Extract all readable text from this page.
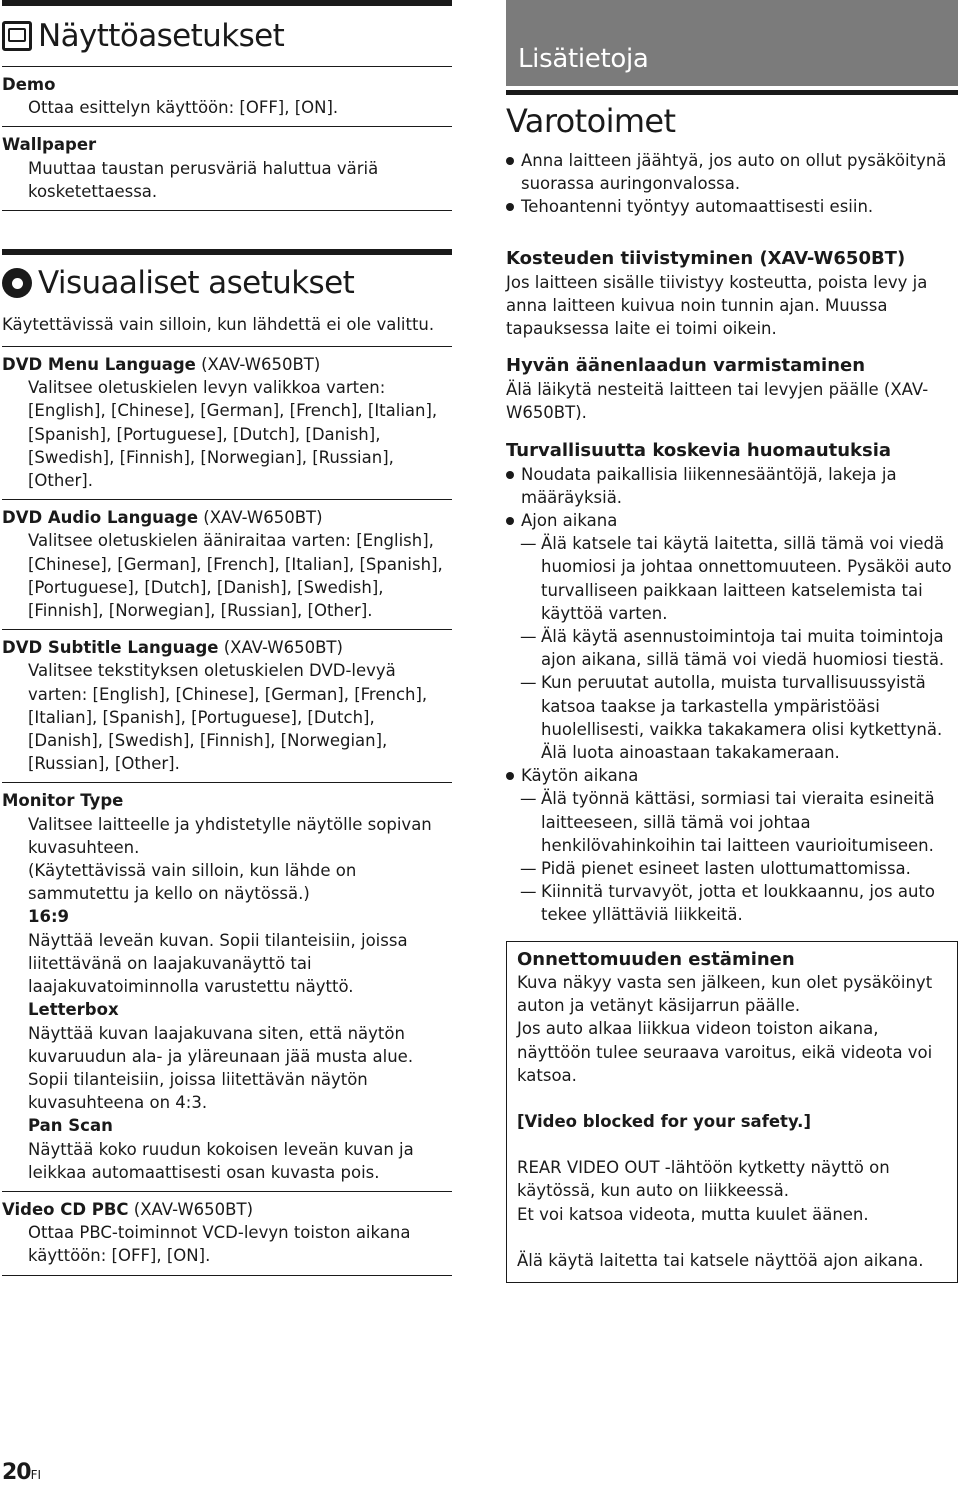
Näyttöasetukset
Demo
Ottaa esittelyn käyttöön: [OFF], [ON].
Wallpaper
Muuttaa taustan perusväriä haluttua väriä kosketettaessa.
Visuaaliset asetukset
Käytettävissä vain silloin, kun lähdettä ei ole valittu.
DVD Menu Language (XAV-W650BT)
Valitsee oletuskielen levyn valikkoa varten: [English], [Chinese], [German], [French], [Italian], [Spanish], [Portuguese], [Dutch], [Danish], [Swedish], [Finnish], [Norwegian], [Russian], [Other].
DVD Audio Language (XAV-W650BT)
Valitsee oletuskielen ääniraitaa varten: [English], [Chinese], [German], [French], [Italian], [Spanish], [Portuguese], [Dutch], [Danish], [Swedish], [Finnish], [Norwegian], [Russian], [Other].
DVD Subtitle Language (XAV-W650BT)
Valitsee tekstityksen oletuskielen DVD-levyä varten: [English], [Chinese], [German], [French], [Italian], [Spanish], [Portuguese], [Dutch], [Danish], [Swedish], [Finnish], [Norwegian], [Russian], [Other].
Monitor Type
Valitsee laitteelle ja yhdistetylle näytölle sopivan kuvasuhteen.
(Käytettävissä vain silloin, kun lähde on sammutettu ja kello on näytössä.)
16:9
Näyttää leveän kuvan. Sopii tilanteisiin, joissa liitettävänä on laajakuvanäyttö tai laajakuvatoiminnolla varustettu näyttö.
Letterbox
Näyttää kuvan laajakuvana siten, että näytön kuvaruudun ala- ja yläreunaan jää musta alue. Sopii tilanteisiin, joissa liitettävän näytön kuvasuhteena on 4:3.
Pan Scan
Näyttää koko ruudun kokoisen leveän kuvan ja leikkaa automaattisesti osan kuvasta pois.
Video CD PBC (XAV-W650BT)
Ottaa PBC-toiminnot VCD-levyn toiston aikana käyttöön: [OFF], [ON].
Lisätietoja
Varotoimet
Anna laitteen jäähtyä, jos auto on ollut pysäköitynä suorassa auringonvalossa.
Tehoantenni työntyy automaattisesti esiin.
Kosteuden tiivistyminen (XAV-W650BT)
Jos laitteen sisälle tiivistyy kosteutta, poista levy ja anna laitteen kuivua noin tunnin ajan. Muussa tapauksessa laite ei toimi oikein.
Hyvän äänenlaadun varmistaminen
Älä läikytä nesteitä laitteen tai levyjen päälle (XAV-W650BT).
Turvallisuutta koskevia huomautuksia
Noudata paikallisia liikennesääntöjä, lakeja ja määräyksiä.
Ajon aikana
— Älä katsele tai käytä laitetta, sillä tämä voi viedä huomiosi ja johtaa onnettomuuteen. Pysäköi auto turvalliseen paikkaan laitteen katselemista tai käyttöä varten.
— Älä käytä asennustoimintoja tai muita toimintoja ajon aikana, sillä tämä voi viedä huomiosi tiestä.
— Kun peruutat autolla, muista turvallisuussyistä katsoa taakse ja tarkastella ympäristöäsi huolellisesti, vaikka takakamera olisi kytkettynä. Älä luota ainoastaan takakameraan.
Käytön aikana
— Älä työnnä kättäsi, sormiasi tai vieraita esineitä laitteeseen, sillä tämä voi johtaa henkilövahinkoihin tai laitteen vaurioitumiseen.
— Pidä pienet esineet lasten ulottumattomissa.
— Kiinnitä turvavyöt, jotta et loukkaannu, jos auto tekee yllättäviä liikkeitä.
Onnettomuuden estäminen
Kuva näkyy vasta sen jälkeen, kun olet pysäköinyt auton ja vetänyt käsijarrun päälle.
Jos auto alkaa liikkua videon toiston aikana, näyttöön tulee seuraava varoitus, eikä videota voi katsoa.
[Video blocked for your safety.]
REAR VIDEO OUT -lähtöön kytketty näyttö on käytössä, kun auto on liikkeessä.
Et voi katsoa videota, mutta kuulet äänen.
Älä käytä laitetta tai katsele näyttöä ajon aikana.
20FI
